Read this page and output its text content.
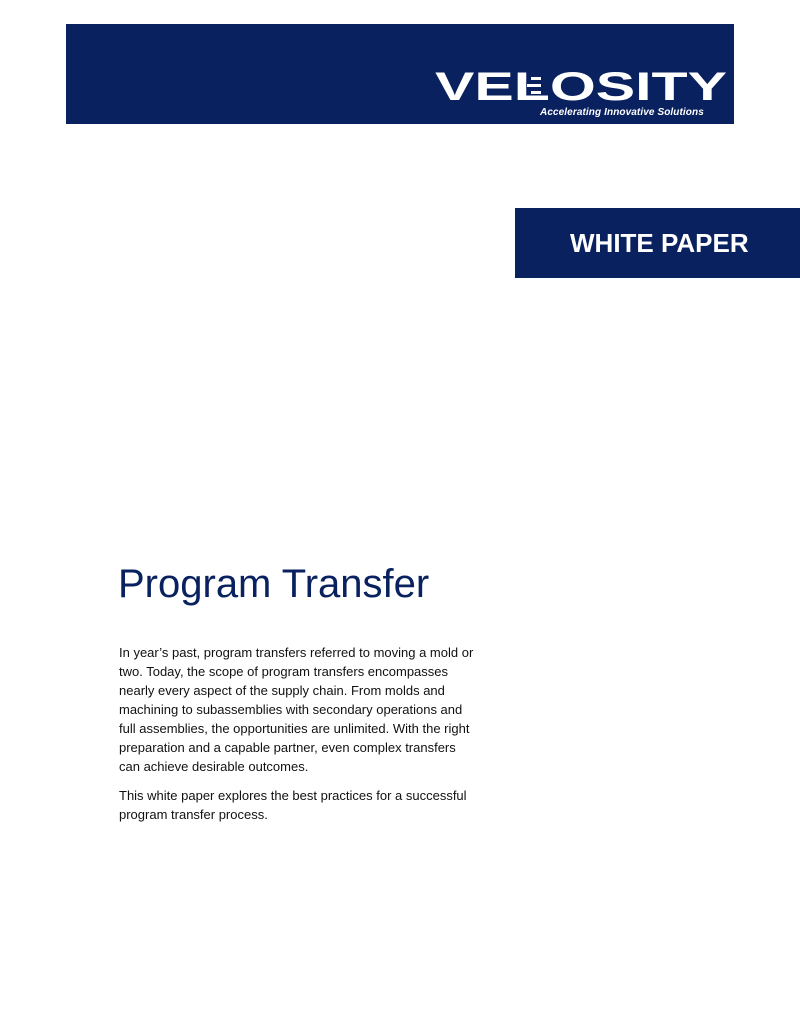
VELOSITY
Accelerating Innovative Solutions
WHITE PAPER
Program Transfer

In year’s past, program transfers referred to moving a mold or two. Today, the scope of program transfers encompasses nearly every aspect of the supply chain. From molds and machining to subassemblies with secondary operations and full assemblies, the opportunities are unlimited. With the right preparation and a capable partner, even complex transfers can achieve desirable outcomes.

This white paper explores the best practices for a successful program transfer process.
